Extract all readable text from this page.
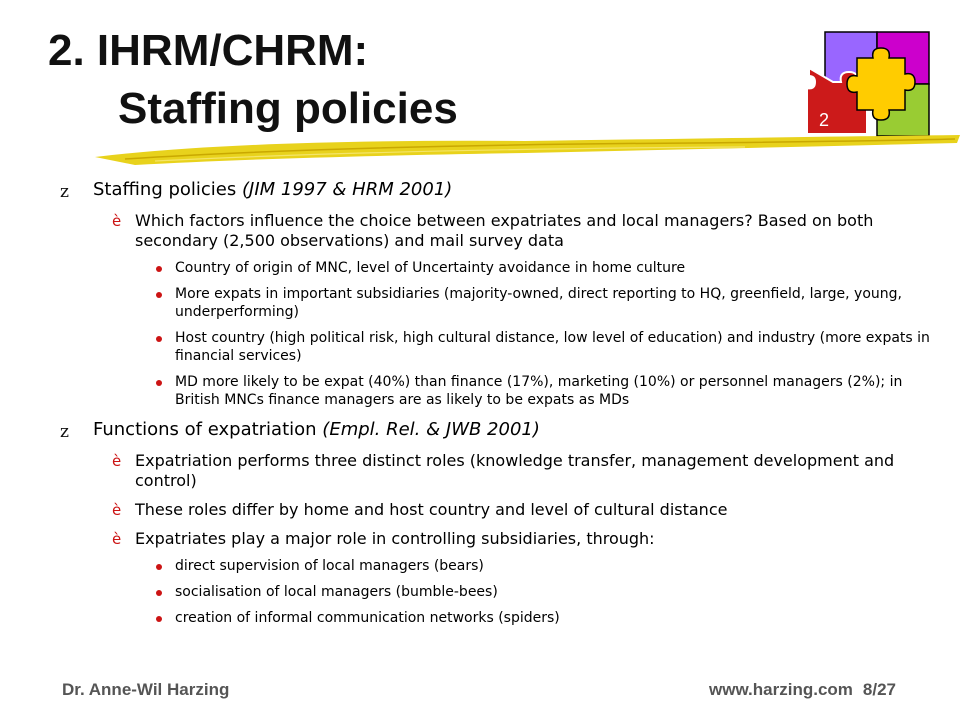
2. IHRM/CHRM:
Staffing policies	2
z Staffing policies (JIM 1997 & HRM 2001)
è Which factors influence the choice between expatriates and local managers? Based on both secondary (2,500 observations) and mail survey data
Country of origin of MNC, level of Uncertainty avoidance in home culture
More expats in important subsidiaries (majority-owned, direct reporting to HQ, greenfield, large, young, underperforming)
Host country (high political risk, high cultural distance, low level of education) and industry (more expats in financial services)
MD more likely to be expat (40%) than finance (17%), marketing (10%) or personnel managers (2%); in British MNCs finance managers are as likely to be expats as MDs
z Functions of expatriation (Empl. Rel. & JWB 2001)
è Expatriation performs three distinct roles (knowledge transfer, management development and control)
è These roles differ by home and host country and level of cultural distance
è Expatriates play a major role in controlling subsidiaries, through:
direct supervision of local managers (bears)
socialisation of local managers (bumble-bees)
creation of informal communication networks (spiders)
Dr. Anne-Wil Harzing	www.harzing.com 8/27
